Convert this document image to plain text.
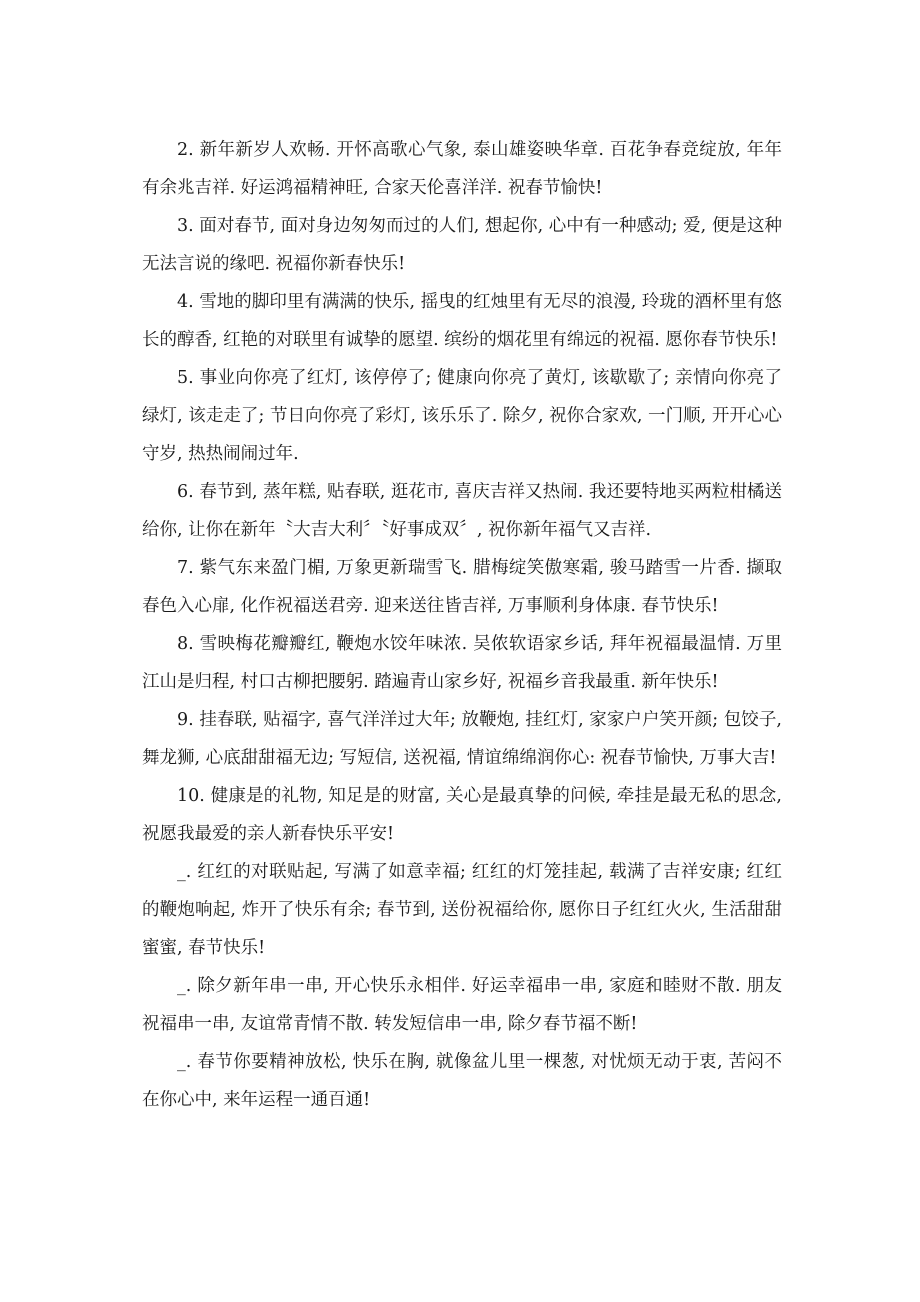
2. 新年新岁人欢畅. 开怀高歌心气象, 泰山雄姿映华章. 百花争春竞绽放, 年年有余兆吉祥. 好运鸿福精神旺, 合家天伦喜洋洋. 祝春节愉快!

3. 面对春节, 面对身边匆匆而过的人们, 想起你, 心中有一种感动; 爱, 便是这种无法言说的缘吧. 祝福你新春快乐!

4. 雪地的脚印里有满满的快乐, 摇曳的红烛里有无尽的浪漫, 玲珑的酒杯里有悠长的醇香, 红艳的对联里有诚挚的愿望. 缤纷的烟花里有绵远的祝福. 愿你春节快乐!

5. 事业向你亮了红灯, 该停停了; 健康向你亮了黄灯, 该歇歇了; 亲情向你亮了绿灯, 该走走了; 节日向你亮了彩灯, 该乐乐了. 除夕, 祝你合家欢, 一门顺, 开开心心守岁, 热热闹闹过年.

6. 春节到, 蒸年糕, 贴春联, 逛花市, 喜庆吉祥又热闹. 我还要特地买两粒柑橘送给你, 让你在新年〝大吉大利〞〝好事成双〞, 祝你新年福气又吉祥.

7. 紫气东来盈门楣, 万象更新瑞雪飞. 腊梅绽笑傲寒霜, 骏马踏雪一片香. 撷取春色入心扉, 化作祝福送君旁. 迎来送往皆吉祥, 万事顺利身体康. 春节快乐!

8. 雪映梅花瓣瓣红, 鞭炮水饺年味浓. 吴侬软语家乡话, 拜年祝福最温情. 万里江山是归程, 村口古柳把腰躬. 踏遍青山家乡好, 祝福乡音我最重. 新年快乐!

9. 挂春联, 贴福字, 喜气洋洋过大年; 放鞭炮, 挂红灯, 家家户户笑开颜; 包饺子, 舞龙狮, 心底甜甜福无边; 写短信, 送祝福, 情谊绵绵润你心: 祝春节愉快, 万事大吉!

10. 健康是的礼物, 知足是的财富, 关心是最真挚的问候, 牵挂是最无私的思念, 祝愿我最爱的亲人新春快乐平安!

_. 红红的对联贴起, 写满了如意幸福; 红红的灯笼挂起, 载满了吉祥安康; 红红的鞭炮响起, 炸开了快乐有余; 春节到, 送份祝福给你, 愿你日子红红火火, 生活甜甜蜜蜜, 春节快乐!

_. 除夕新年串一串, 开心快乐永相伴. 好运幸福串一串, 家庭和睦财不散. 朋友祝福串一串, 友谊常青情不散. 转发短信串一串, 除夕春节福不断!

_. 春节你要精神放松, 快乐在胸, 就像盆儿里一棵葱, 对忧烦无动于衷, 苦闷不在你心中, 来年运程一通百通!
